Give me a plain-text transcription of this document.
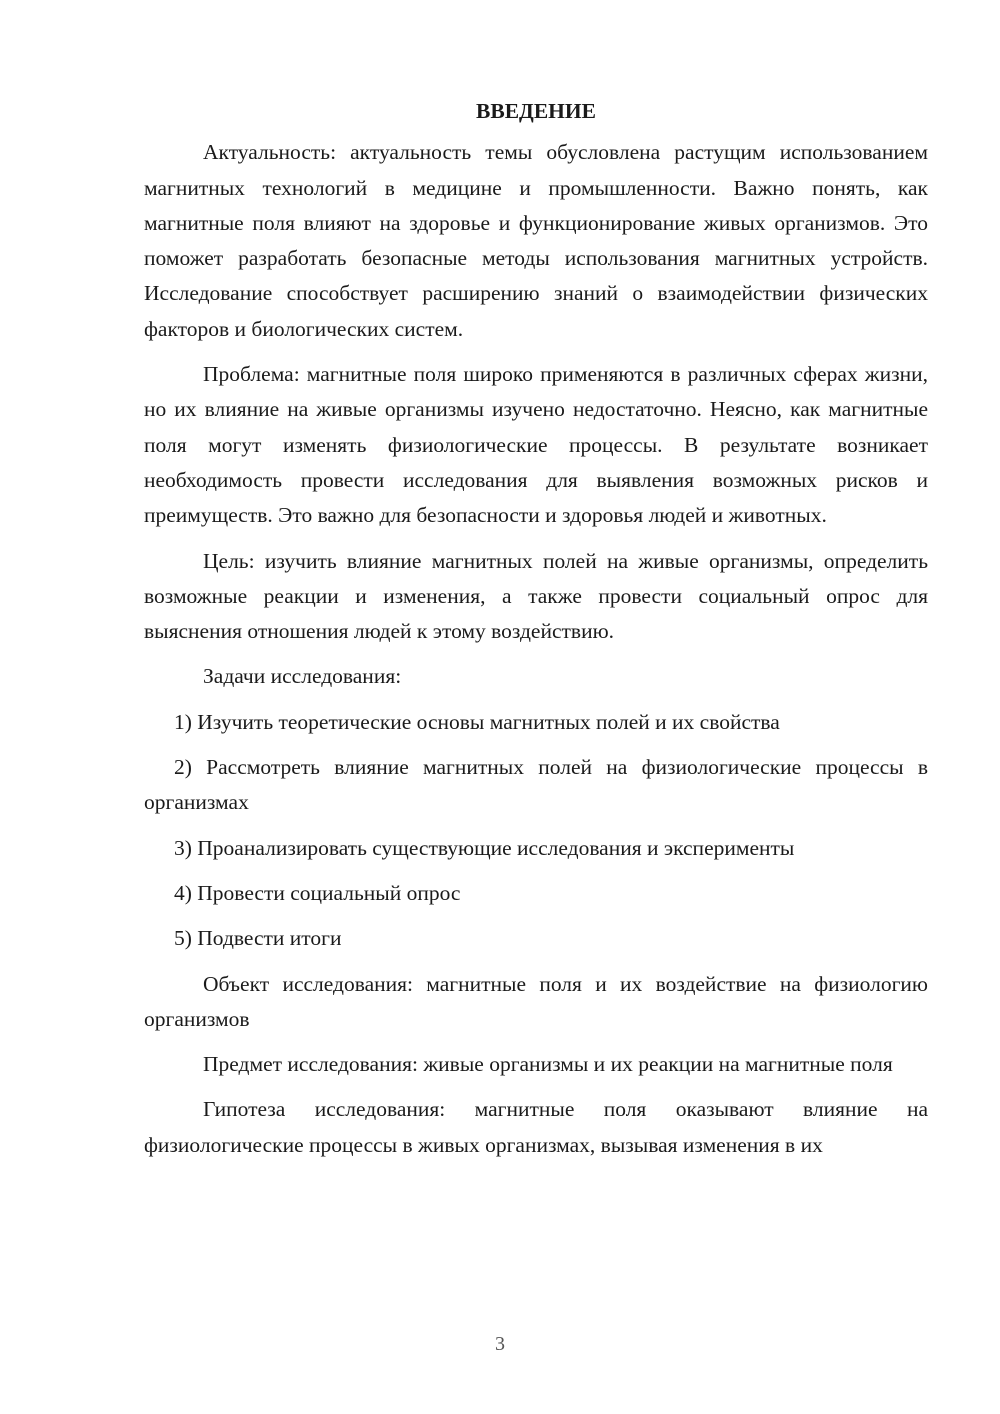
ВВЕДЕНИЕ

Актуальность: актуальность темы обусловлена растущим использованием магнитных технологий в медицине и промышленности. Важно понять, как магнитные поля влияют на здоровье и функционирование живых организмов. Это поможет разработать безопасные методы использования магнитных устройств. Исследование способствует расширению знаний о взаимодействии физических факторов и биологических систем.

Проблема: магнитные поля широко применяются в различных сферах жизни, но их влияние на живые организмы изучено недостаточно. Неясно, как магнитные поля могут изменять физиологические процессы. В результате возникает необходимость провести исследования для выявления возможных рисков и преимуществ. Это важно для безопасности и здоровья людей и животных.

Цель: изучить влияние магнитных полей на живые организмы, определить возможные реакции и изменения, а также провести социальный опрос для выяснения отношения людей к этому воздействию.

Задачи исследования:

1) Изучить теоретические основы магнитных полей и их свойства

2) Рассмотреть влияние магнитных полей на физиологические процессы в организмах

3) Проанализировать существующие исследования и эксперименты

4) Провести социальный опрос

5) Подвести итоги

Объект исследования: магнитные поля и их воздействие на физиологию организмов

Предмет исследования: живые организмы и их реакции на магнитные поля

Гипотеза исследования: магнитные поля оказывают влияние на физиологические процессы в живых организмах, вызывая изменения в их

3
